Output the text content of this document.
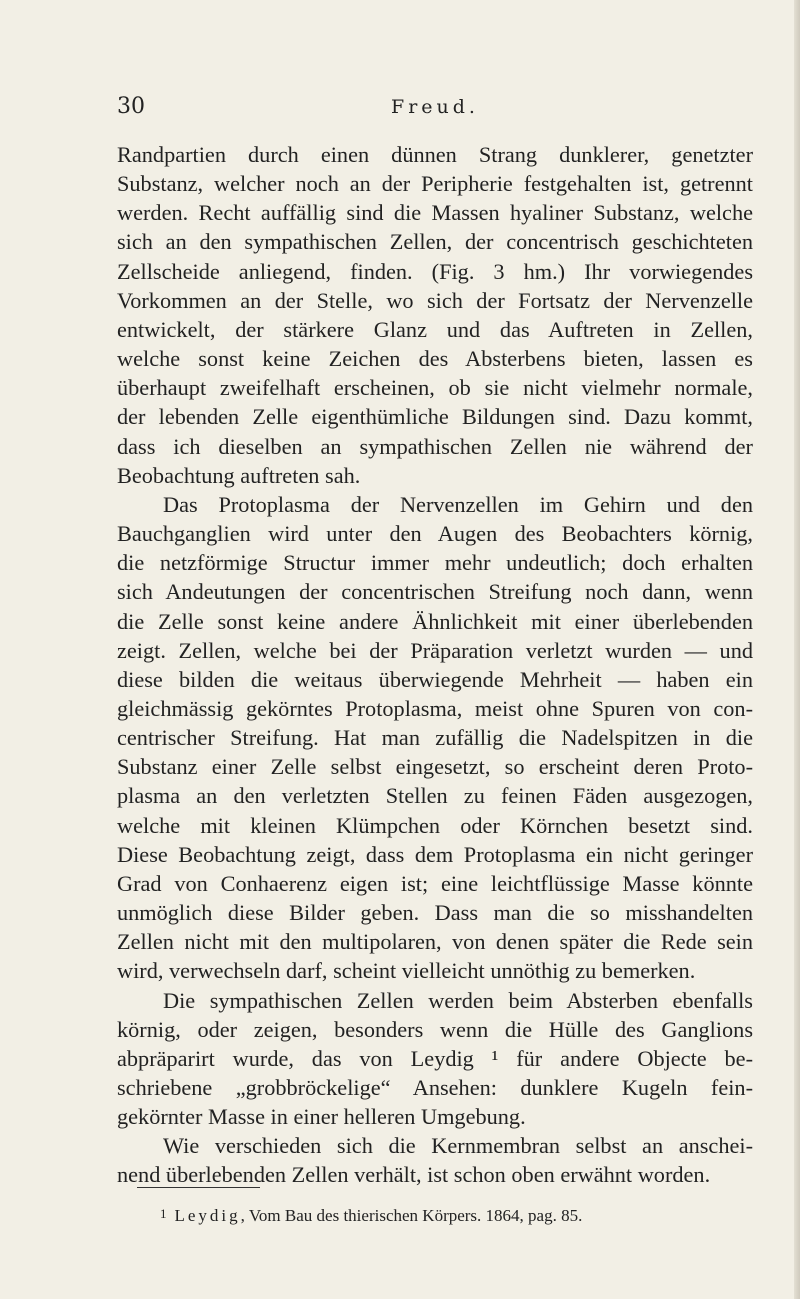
30	Freud.
Randpartien durch einen dünnen Strang dunklerer, genetzter
Substanz, welcher noch an der Peripherie festgehalten ist, getrennt
werden. Recht auffällig sind die Massen hyaliner Substanz, welche
sich an den sympathischen Zellen, der concentrisch geschichteten
Zellscheide anliegend, finden. (Fig. 3 hm.) Ihr vorwiegendes
Vorkommen an der Stelle, wo sich der Fortsatz der Nervenzelle
entwickelt, der stärkere Glanz und das Auftreten in Zellen,
welche sonst keine Zeichen des Absterbens bieten, lassen es
überhaupt zweifelhaft erscheinen, ob sie nicht vielmehr normale,
der lebenden Zelle eigenthümliche Bildungen sind. Dazu kommt,
dass ich dieselben an sympathischen Zellen nie während der
Beobachtung auftreten sah.
Das Protoplasma der Nervenzellen im Gehirn und den
Bauchganglien wird unter den Augen des Beobachters körnig,
die netzförmige Structur immer mehr undeutlich; doch erhalten
sich Andeutungen der concentrischen Streifung noch dann, wenn
die Zelle sonst keine andere Ähnlichkeit mit einer überlebenden
zeigt. Zellen, welche bei der Präparation verletzt wurden — und
diese bilden die weitaus überwiegende Mehrheit — haben ein
gleichmässig gekörntes Protoplasma, meist ohne Spuren von con-
centrischer Streifung. Hat man zufällig die Nadelspitzen in die
Substanz einer Zelle selbst eingesetzt, so erscheint deren Proto-
plasma an den verletzten Stellen zu feinen Fäden ausgezogen,
welche mit kleinen Klümpchen oder Körnchen besetzt sind.
Diese Beobachtung zeigt, dass dem Protoplasma ein nicht geringer
Grad von Conhaerenz eigen ist; eine leichtflüssige Masse könnte
unmöglich diese Bilder geben. Dass man die so misshandelten
Zellen nicht mit den multipolaren, von denen später die Rede sein
wird, verwechseln darf, scheint vielleicht unnöthig zu bemerken.
Die sympathischen Zellen werden beim Absterben ebenfalls
körnig, oder zeigen, besonders wenn die Hülle des Ganglions
abpräparirt wurde, das von Leydig ¹ für andere Objecte be-
schriebene „grobbröckelige“ Ansehen: dunklere Kugeln fein-
gekörnter Masse in einer helleren Umgebung.
Wie verschieden sich die Kernmembran selbst an anschei-
nend überlebenden Zellen verhält, ist schon oben erwähnt worden.
$^1$ Leydig, Vom Bau des thierischen Körpers. 1864, pag. 85.
